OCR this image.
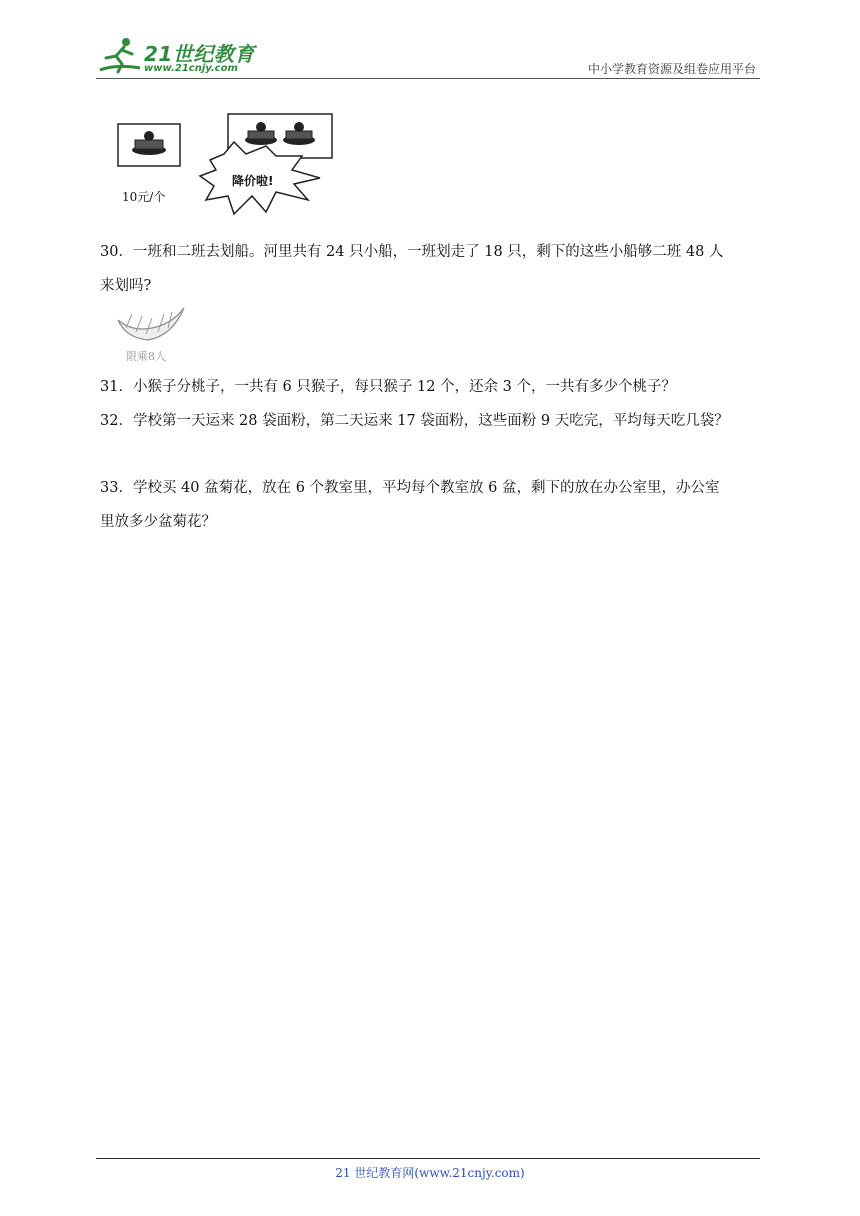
21世纪教育
www.21cnjy.com	中小学教育资源及组卷应用平台
10元/个
降价啦!
30．一班和二班去划船。河里共有 24 只小船，一班划走了 18 只，剩下的这些小船够二班 48 人
来划吗?
限乘8人
31．小猴子分桃子，一共有 6 只猴子，每只猴子 12 个，还余 3 个，一共有多少个桃子？
32．学校第一天运来 28 袋面粉，第二天运来 17 袋面粉，这些面粉 9 天吃完，平均每天吃几袋？
33．学校买 40 盆菊花，放在 6 个教室里，平均每个教室放 6 盆，剩下的放在办公室里，办公室
里放多少盆菊花？
21 世纪教育网(www.21cnjy.com)
